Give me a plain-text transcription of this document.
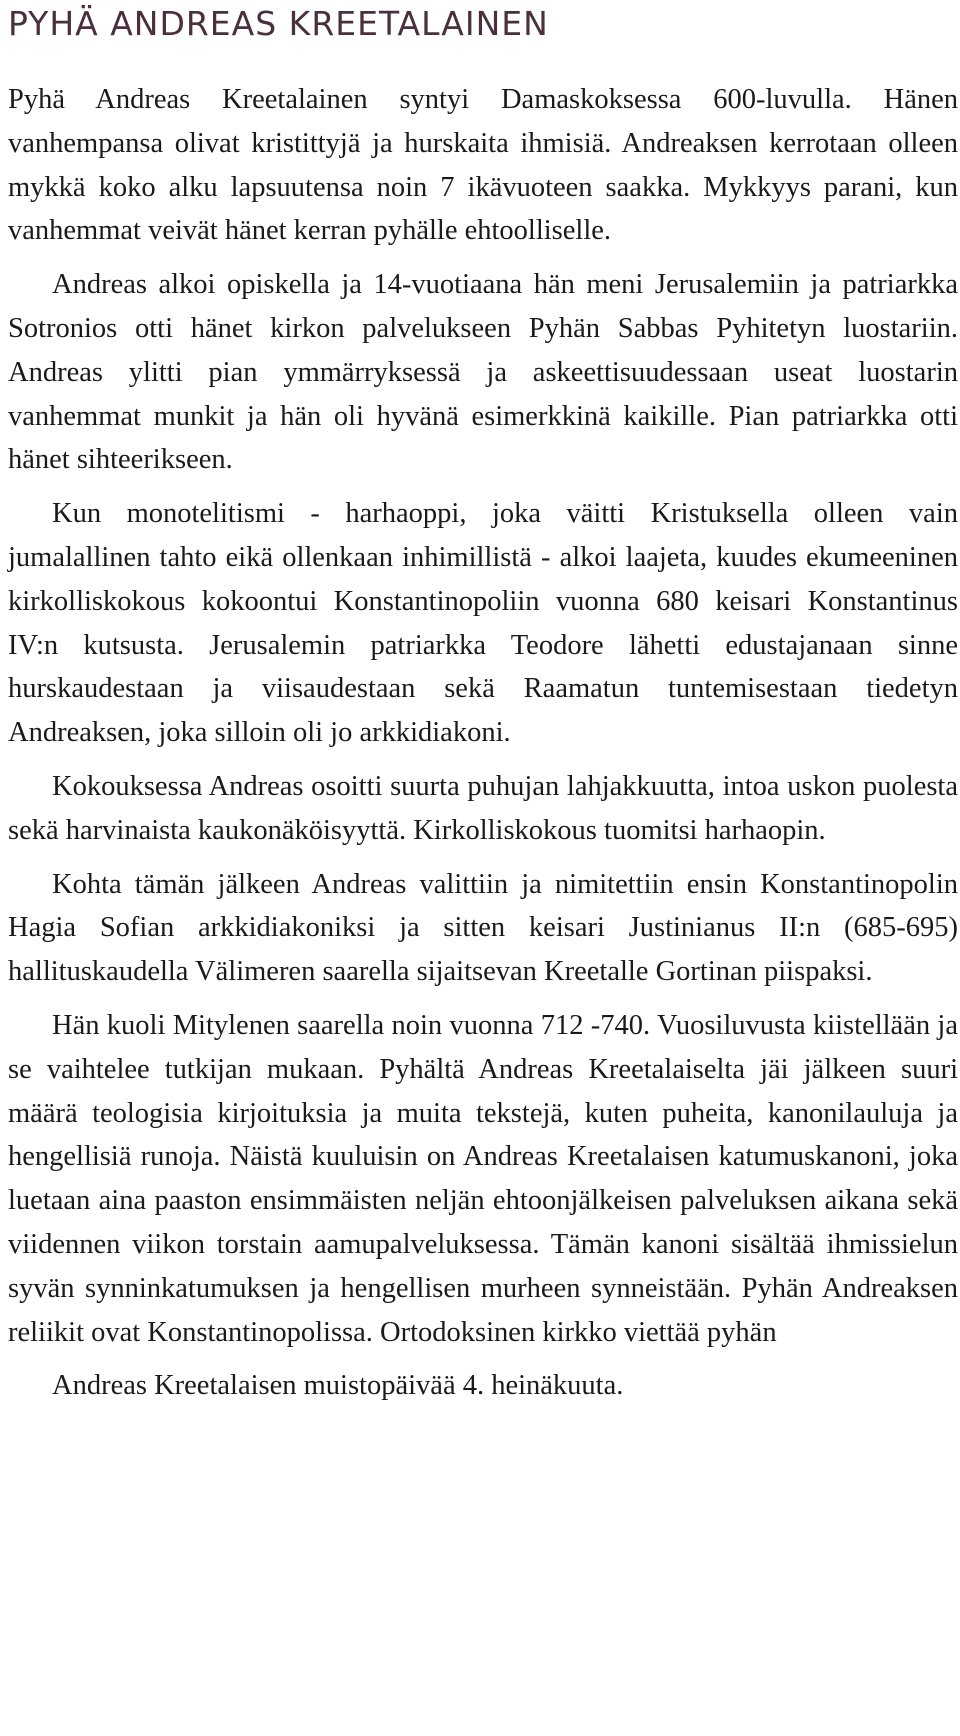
PYHÄ ANDREAS KREETALAINEN

Pyhä Andreas Kreetalainen syntyi Damaskoksessa 600-luvulla. Hänen vanhempansa olivat kristittyjä ja hurskaita ihmisiä. Andreaksen kerrotaan olleen mykkä koko alku lapsuutensa noin 7 ikävuoteen saakka. Mykkyys parani, kun vanhemmat veivät hänet kerran pyhälle ehtoolliselle.

Andreas alkoi opiskella ja 14-vuotiaana hän meni Jerusalemiin ja patriarkka Sotronios otti hänet kirkon palvelukseen Pyhän Sabbas Pyhitetyn luostariin. Andreas ylitti pian ymmärryksessä ja askeettisuudessaan useat luostarin vanhemmat munkit ja hän oli hyvänä esimerkkinä kaikille. Pian patriarkka otti hänet sihteerikseen.

Kun monotelitismi - harhaoppi, joka väitti Kristuksella olleen vain jumalallinen tahto eikä ollenkaan inhimillistä - alkoi laajeta, kuudes ekumeeninen kirkolliskokous kokoontui Konstantinopoliin vuonna 680 keisari Konstantinus IV:n kutsusta. Jerusalemin patriarkka Teodore lähetti edustajanaan sinne hurskaudestaan ja viisaudestaan sekä Raamatun tuntemisestaan tiedetyn Andreaksen, joka silloin oli jo arkkidiakoni.

Kokouksessa Andreas osoitti suurta puhujan lahjakkuutta, intoa uskon puolesta sekä harvinaista kaukonäköisyyttä. Kirkolliskokous tuomitsi harhaopin.

Kohta tämän jälkeen Andreas valittiin ja nimitettiin ensin Konstantinopolin Hagia Sofian arkkidiakoniksi ja sitten keisari Justinianus II:n (685-695) hallituskaudella Välimeren saarella sijaitsevan Kreetalle Gortinan piispaksi.

Hän kuoli Mitylenen saarella noin vuonna 712 -740. Vuosiluvusta kiistellään ja se vaihtelee tutkijan mukaan. Pyhältä Andreas Kreetalaiselta jäi jälkeen suuri määrä teologisia kirjoituksia ja muita tekstejä, kuten puheita, kanonilauluja ja hengellisiä runoja. Näistä kuuluisin on Andreas Kreetalaisen katumuskanoni, joka luetaan aina paaston ensimmäisten neljän ehtoonjälkeisen palveluksen aikana sekä viidennen viikon torstain aamupalveluksessa. Tämän kanoni sisältää ihmissielun syvän synninkatumuksen ja hengellisen murheen synneistään. Pyhän Andreaksen reliikit ovat Konstantinopolissa. Ortodoksinen kirkko viettää pyhän

Andreas Kreetalaisen muistopäivää 4. heinäkuuta.
